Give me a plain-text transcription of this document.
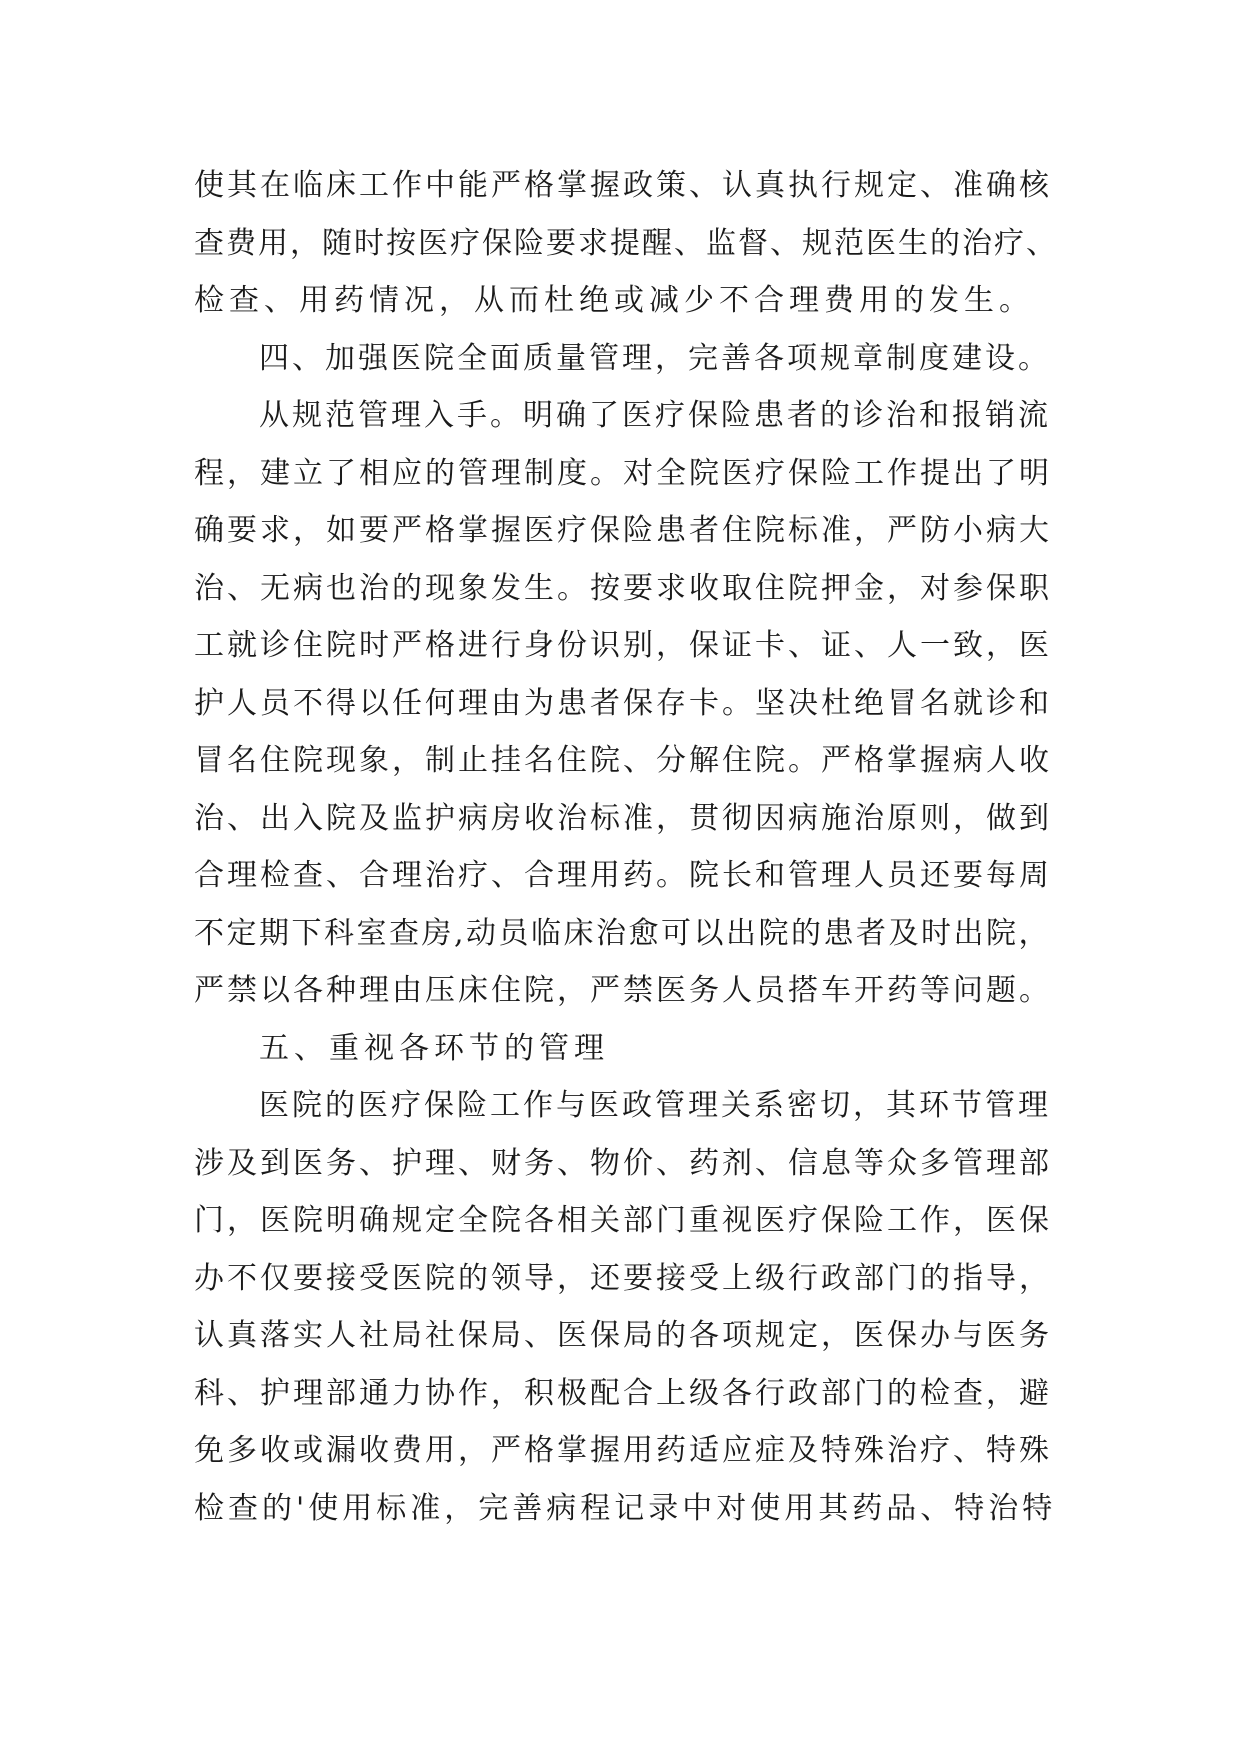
使其在临床工作中能严格掌握政策、认真执行规定、准确核
查费用，随时按医疗保险要求提醒、监督、规范医生的治疗、
检查、用药情况，从而杜绝或减少不合理费用的发生。
四、加强医院全面质量管理，完善各项规章制度建设。
从规范管理入手。明确了医疗保险患者的诊治和报销流
程，建立了相应的管理制度。对全院医疗保险工作提出了明
确要求，如要严格掌握医疗保险患者住院标准，严防小病大
治、无病也治的现象发生。按要求收取住院押金，对参保职
工就诊住院时严格进行身份识别，保证卡、证、人一致，医
护人员不得以任何理由为患者保存卡。坚决杜绝冒名就诊和
冒名住院现象，制止挂名住院、分解住院。严格掌握病人收
治、出入院及监护病房收治标准，贯彻因病施治原则，做到
合理检查、合理治疗、合理用药。院长和管理人员还要每周
不定期下科室查房,动员临床治愈可以出院的患者及时出院，
严禁以各种理由压床住院，严禁医务人员搭车开药等问题。
五、重视各环节的管理
医院的医疗保险工作与医政管理关系密切，其环节管理
涉及到医务、护理、财务、物价、药剂、信息等众多管理部
门，医院明确规定全院各相关部门重视医疗保险工作，医保
办不仅要接受医院的领导，还要接受上级行政部门的指导，
认真落实人社局社保局、医保局的各项规定，医保办与医务
科、护理部通力协作，积极配合上级各行政部门的检查，避
免多收或漏收费用，严格掌握用药适应症及特殊治疗、特殊
检查的'使用标准，完善病程记录中对使用其药品、特治特
